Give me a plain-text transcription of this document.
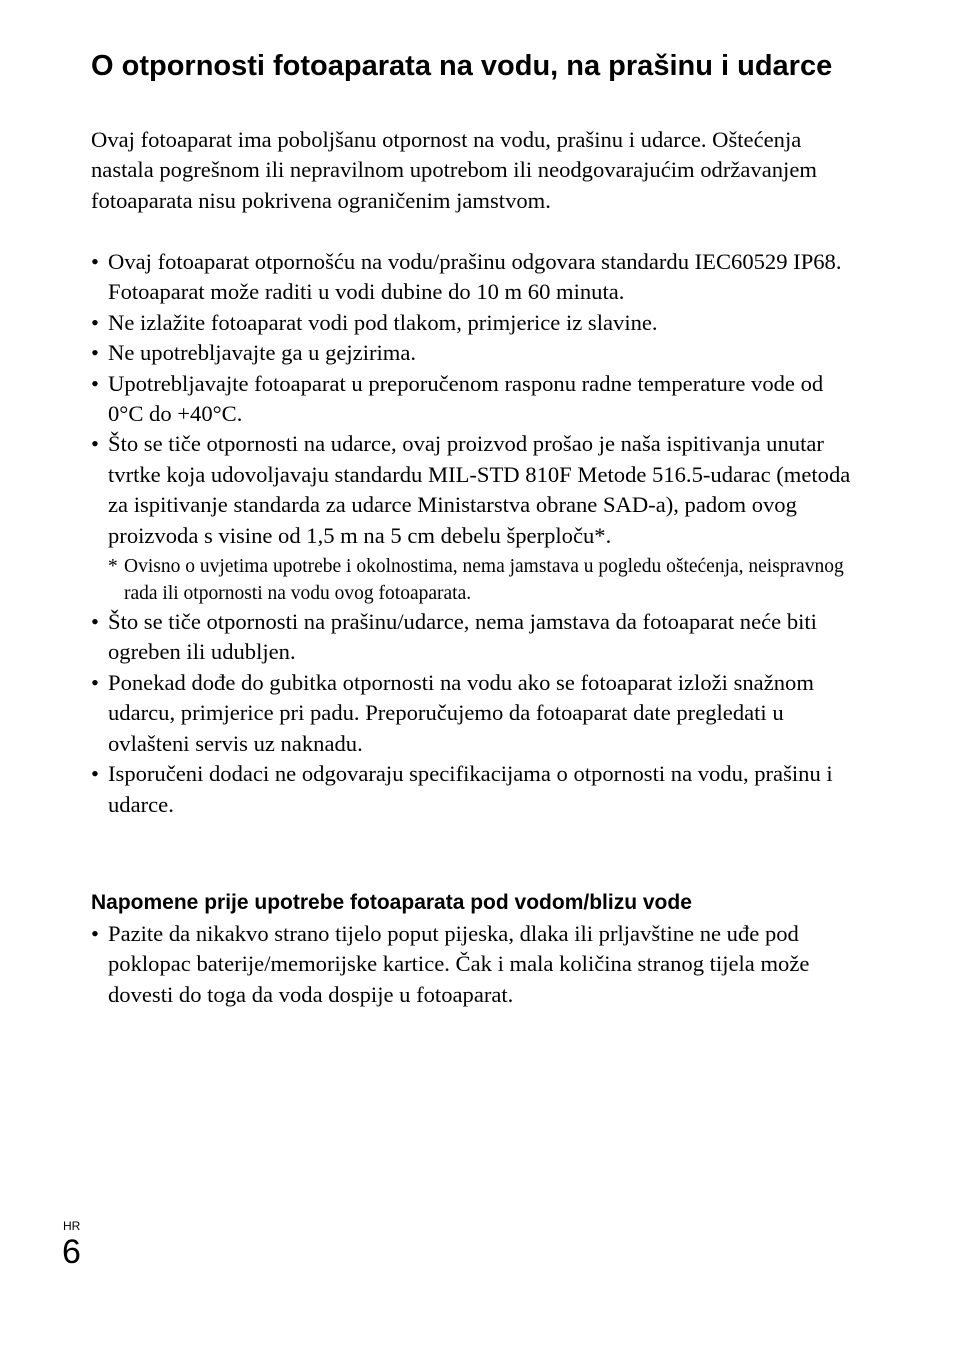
O otpornosti fotoaparata na vodu, na prašinu i udarce

Ovaj fotoaparat ima poboljšanu otpornost na vodu, prašinu i udarce. Oštećenja nastala pogrešnom ili nepravilnom upotrebom ili neodgovarajućim održavanjem fotoaparata nisu pokrivena ograničenim jamstvom.

• Ovaj fotoaparat otpornošću na vodu/prašinu odgovara standardu IEC60529 IP68. Fotoaparat može raditi u vodi dubine do 10 m 60 minuta.
• Ne izlažite fotoaparat vodi pod tlakom, primjerice iz slavine.
• Ne upotrebljavajte ga u gejzirima.
• Upotrebljavajte fotoaparat u preporučenom rasponu radne temperature vode od 0°C do +40°C.
• Što se tiče otpornosti na udarce, ovaj proizvod prošao je naša ispitivanja unutar tvrtke koja udovoljavaju standardu MIL-STD 810F Metode 516.5-udarac (metoda za ispitivanje standarda za udarce Ministarstva obrane SAD-a), padom ovog proizvoda s visine od 1,5 m na 5 cm debelu šperploču*.

* Ovisno o uvjetima upotrebe i okolnostima, nema jamstava u pogledu oštećenja, neispravnog rada ili otpornosti na vodu ovog fotoaparata.

• Što se tiče otpornosti na prašinu/udarce, nema jamstava da fotoaparat neće biti ogreben ili udubljen.
• Ponekad dođe do gubitka otpornosti na vodu ako se fotoaparat izloži snažnom udarcu, primjerice pri padu. Preporučujemo da fotoaparat date pregledati u ovlašteni servis uz naknadu.
• Isporučeni dodaci ne odgovaraju specifikacijama o otpornosti na vodu, prašinu i udarce.
Napomene prije upotrebe fotoaparata pod vodom/blizu vode
• Pazite da nikakvo strano tijelo poput pijeska, dlaka ili prljavštine ne uđe pod poklopac baterije/memorijske kartice. Čak i mala količina stranog tijela može dovesti do toga da voda dospije u fotoaparat.
HR
6
